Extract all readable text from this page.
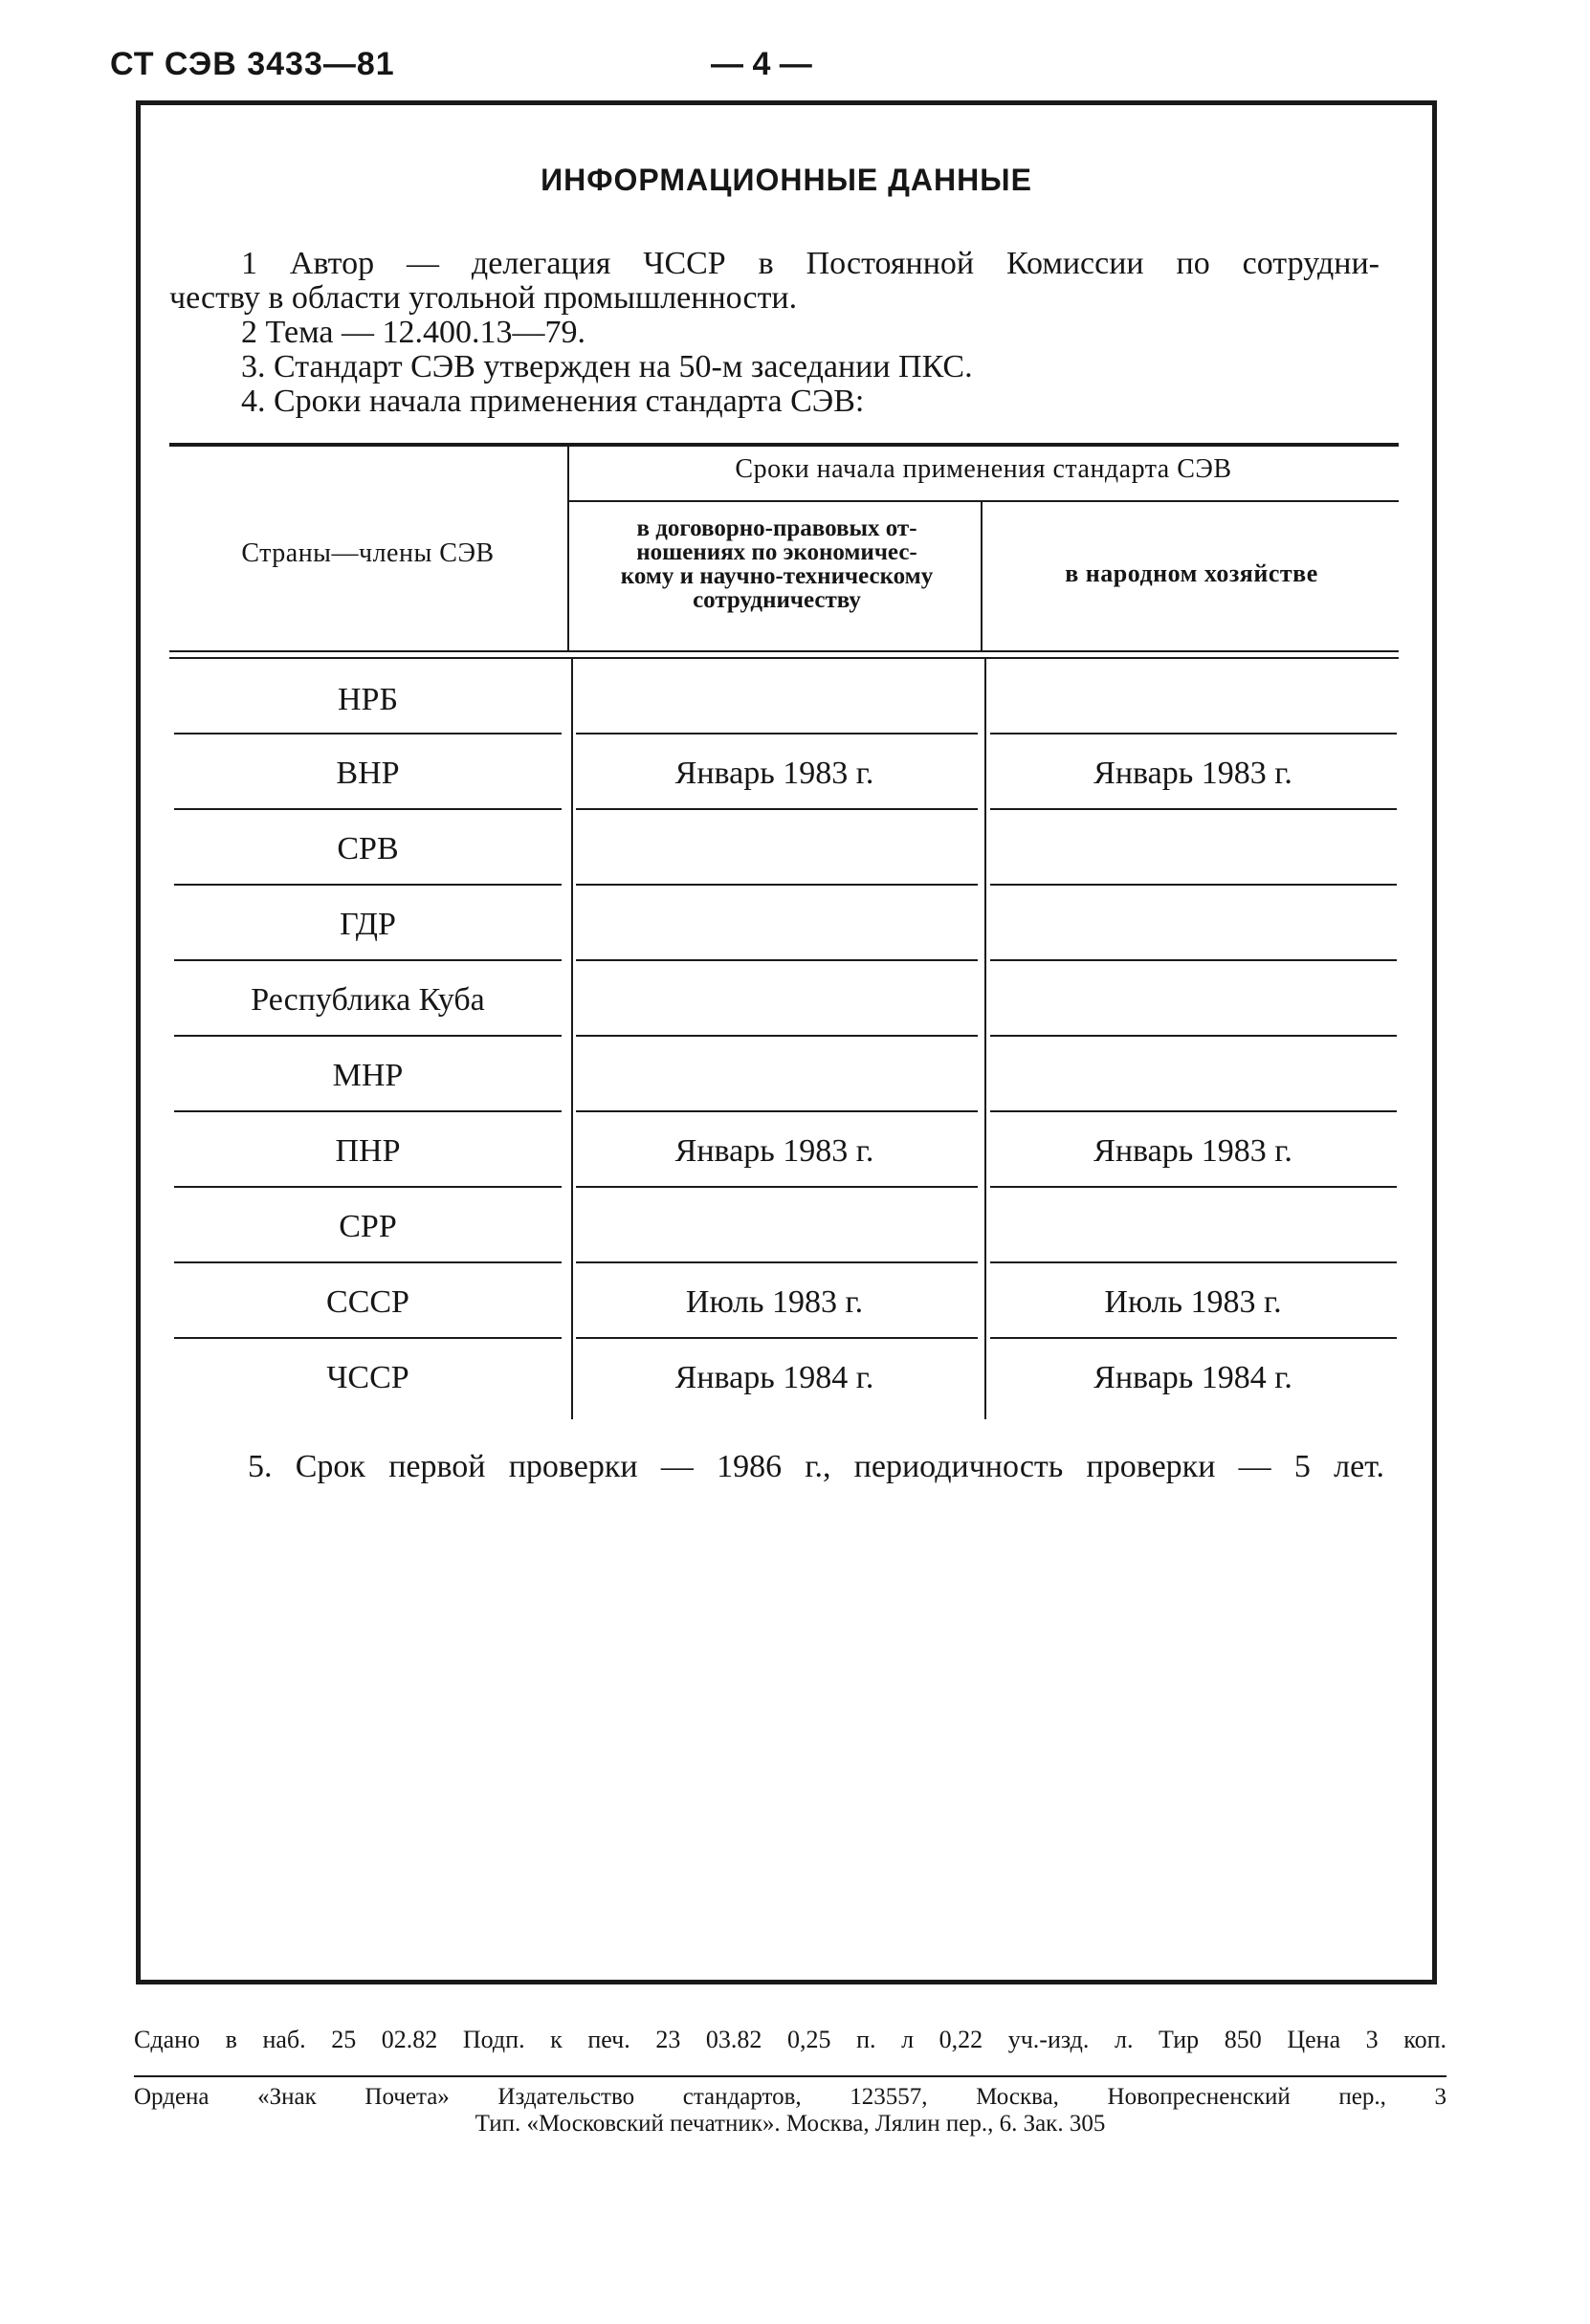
СТ СЭВ 3433—81	— 4 —
ИНФОРМАЦИОННЫЕ ДАННЫЕ
1 Автор — делегация ЧССР в Постоянной Комиссии по сотрудни-
честву в области угольной промышленности.
2 Тема — 12.400.13—79.
3. Стандарт СЭВ утвержден на 50-м заседании ПКС.
4. Сроки начала применения стандарта СЭВ:
Страны—члены СЭВ
Сроки начала применения стандарта СЭВ
в договорно-правовых от-
ношениях по экономичес-
кому и научно-техническому
сотрудничеству
в народном хозяйстве
НРБ
ВНР	Январь 1983 г.	Январь 1983 г.
СРВ
ГДР
Республика Куба
МНР
ПНР	Январь 1983 г.	Январь 1983 г.
СРР
СССР	Июль 1983 г.	Июль 1983 г.
ЧССР	Январь 1984 г.	Январь 1984 г.
5. Срок первой проверки — 1986 г., периодичность проверки — 5 лет.
Сдано в наб. 25 02.82 Подп. к печ. 23 03.82 0,25 п. л 0,22 уч.-изд. л. Тир 850 Цена 3 коп.
Ордена «Знак Почета» Издательство стандартов, 123557, Москва, Новопресненский пер., 3
Тип. «Московский печатник». Москва, Лялин пер., 6. Зак. 305
